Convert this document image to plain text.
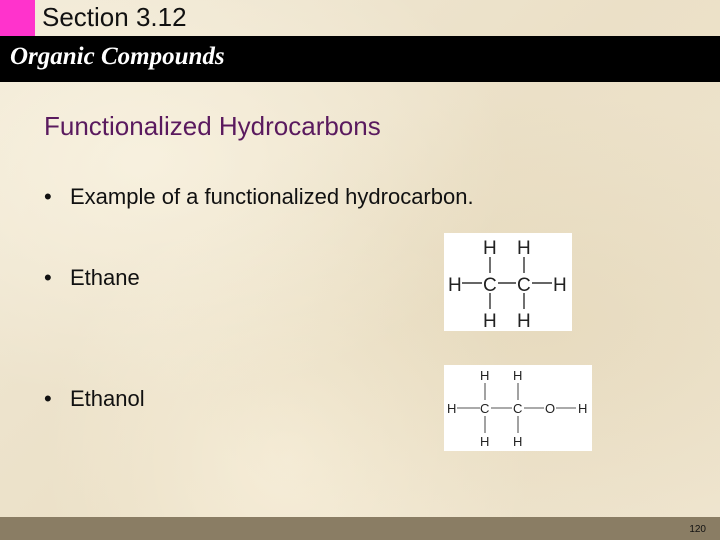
Section 3.12
Organic Compounds
Functionalized Hydrocarbons
• Example of a functionalized hydrocarbon.
• Ethane
• Ethanol
H C C H
H H
H H
H C C O H
H H
H H
120
